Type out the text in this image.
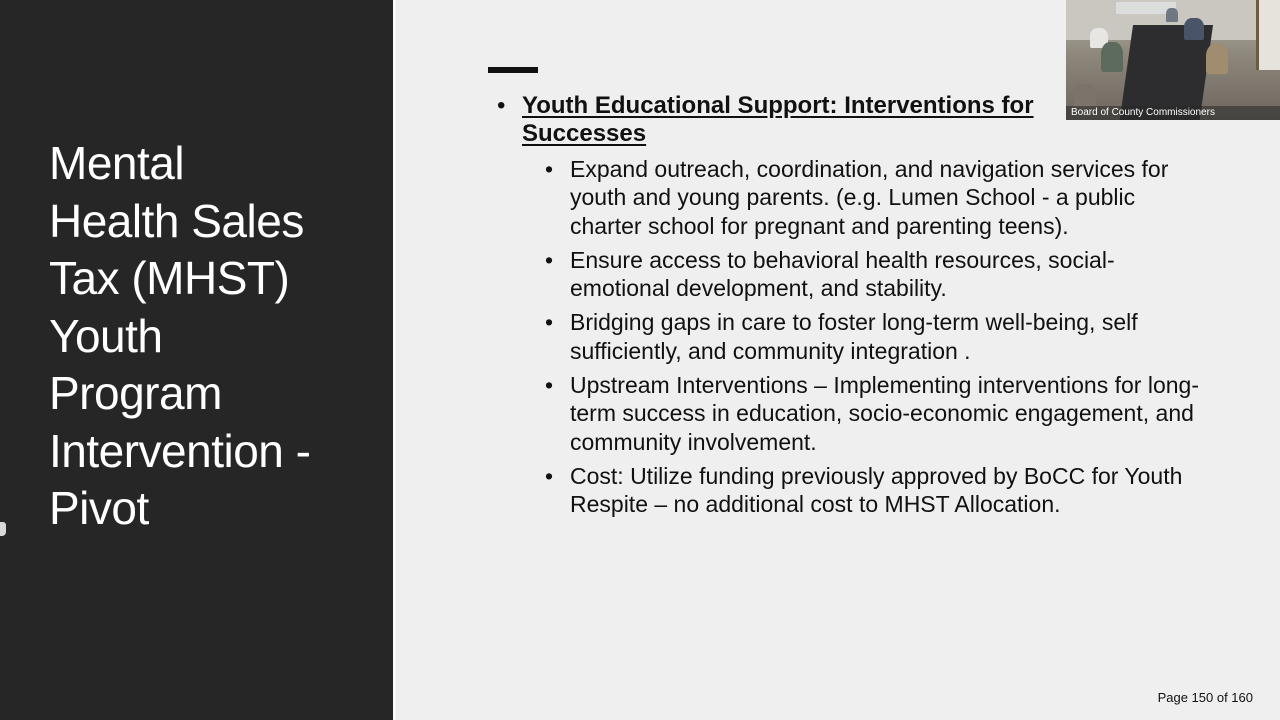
Mental
Health Sales
Tax (MHST)
Youth
Program
Intervention -
Pivot
• Youth Educational Support: Interventions for Successes
• Expand outreach, coordination, and navigation services for youth and young parents. (e.g. Lumen School - a public charter school for pregnant and parenting teens).
• Ensure access to behavioral health resources, social-emotional development, and stability.
• Bridging gaps in care to foster long-term well-being, self sufficiently, and community integration .
• Upstream Interventions – Implementing interventions for long-term success in education, socio-economic engagement, and community involvement.
• Cost: Utilize funding previously approved by BoCC for Youth Respite – no additional cost to MHST Allocation.
Page 150 of 160
Board of County Commissioners
